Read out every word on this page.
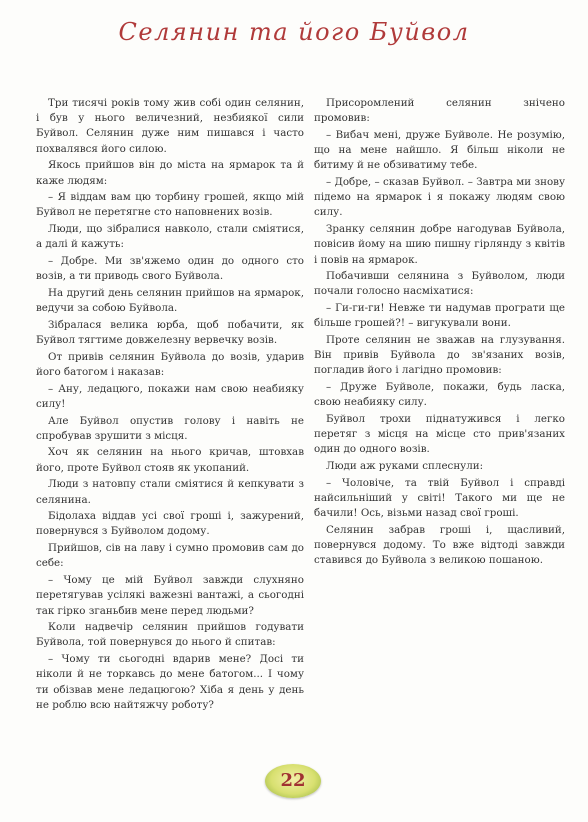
Селянин та його Буйвол

Три тисячі років тому жив собі один селянин, і був у нього величезний, незбиякої сили Буйвол. Селянин дуже ним пишався і часто похвалявся його силою.

Якось прийшов він до міста на ярмарок та й каже людям:

– Я віддам вам цю торбину грошей, якщо мій Буйвол не перетягне сто наповнених возів.

Люди, що зібралися навколо, стали сміятися, а далі й кажуть:

– Добре. Ми зв'яжемо один до одного сто возів, а ти приводь свого Буйвола.

На другий день селянин прийшов на ярмарок, ведучи за собою Буйвола.

Зібралася велика юрба, щоб побачити, як Буйвол тягтиме довжелезну вервечку возів.

От привів селянин Буйвола до возів, ударив його батогом і наказав:

– Ану, ледацюго, покажи нам свою неабияку силу!

Але Буйвол опустив голову і навіть не спробував зрушити з місця.

Хоч як селянин на нього кричав, штовхав його, проте Буйвол стояв як укопаний.

Люди з натовпу стали сміятися й кепкувати з селянина.

Бідолаха віддав усі свої гроші і, зажурений, повернувся з Буйволом додому.

Прийшов, сів на лаву і сумно промовив сам до себе:

– Чому це мій Буйвол завжди слухняно перетягував усілякі важезні вантажі, а сьогодні так гірко зганьбив мене перед людьми?

Коли надвечір селянин прийшов годувати Буйвола, той повернувся до нього й спитав:

– Чому ти сьогодні вдарив мене? Досі ти ніколи й не торкавсь до мене батогом... І чому ти обізвав мене ледацюгою? Хіба я день у день не роблю всю найтяжчу роботу?

Присоромлений селянин знічено промовив:

– Вибач мені, друже Буйволе. Не розумію, що на мене найшло. Я більш ніколи не битиму й не обзиватиму тебе.

– Добре, – сказав Буйвол. – Завтра ми знову підемо на ярмарок і я покажу людям свою силу.

Зранку селянин добре нагодував Буйвола, повісив йому на шию пишну гірлянду з квітів і повів на ярмарок.

Побачивши селянина з Буйволом, люди почали голосно насміхатися:

– Ги-ги-ги! Невже ти надумав програти ще більше грошей?! – вигукували вони.

Проте селянин не зважав на глузування. Він привів Буйвола до зв'язаних возів, погладив його і лагідно промовив:

– Друже Буйволе, покажи, будь ласка, свою неабияку силу.

Буйвол трохи піднатужився і легко перетяг з місця на місце сто прив'язаних один до одного возів.

Люди аж руками сплеснули:

– Чоловіче, та твій Буйвол і справді найсильніший у світі! Такого ми ще не бачили! Ось, візьми назад свої гроші.

Селянин забрав гроші і, щасливий, повернувся додому. То вже відтоді завжди ставився до Буйвола з великою пошаною.

22
